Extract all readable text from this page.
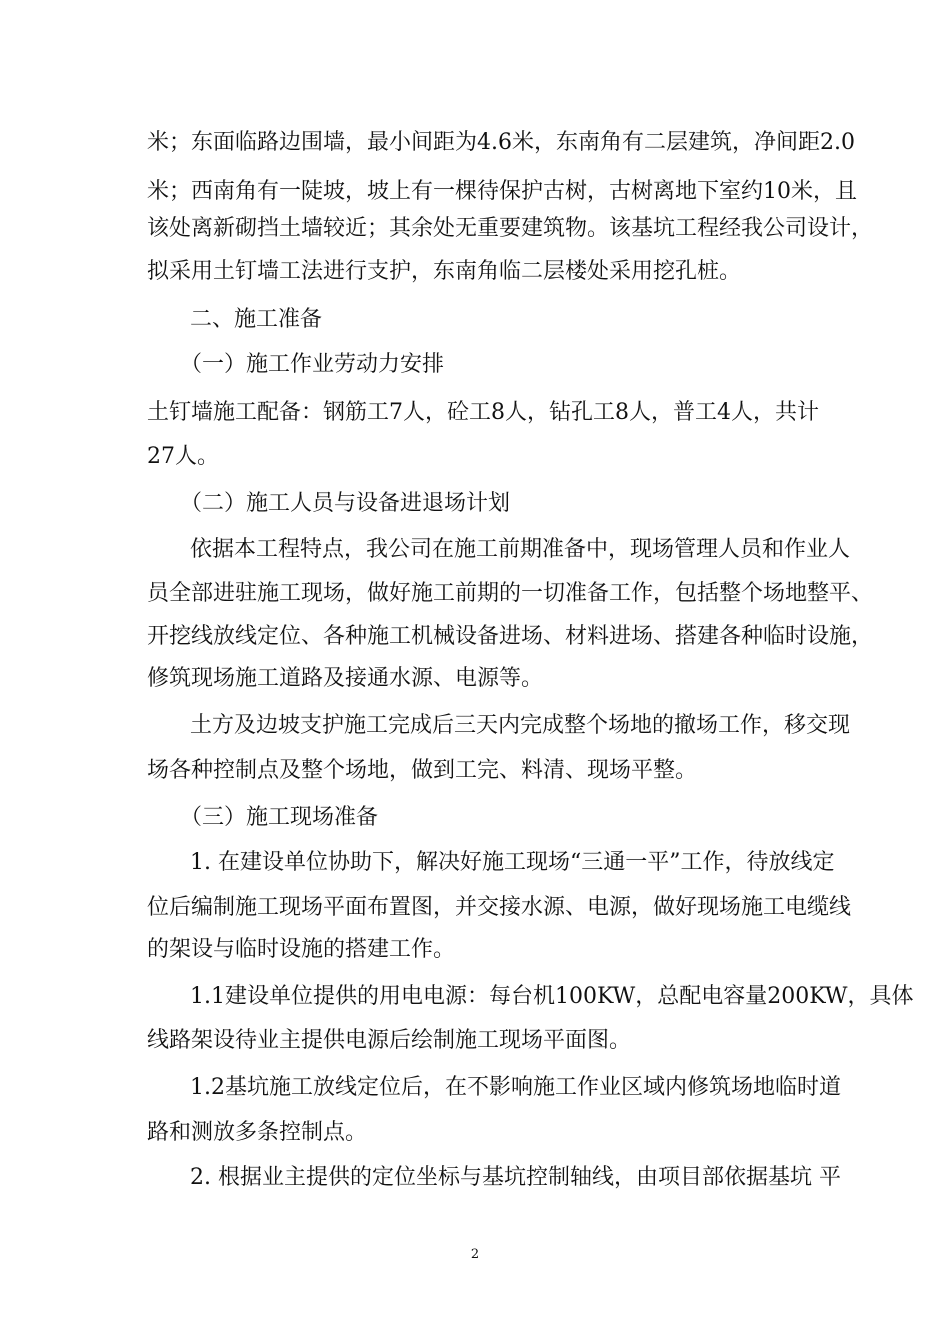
米；东面临路边围墙，最小间距为4.6米，东南角有二层建筑，净间距2.0
米；西南角有一陡坡，坡上有一棵待保护古树，古树离地下室约10米，且
该处离新砌挡土墙较近；其余处无重要建筑物。该基坑工程经我公司设计，
拟采用土钉墙工法进行支护，东南角临二层楼处采用挖孔桩。
二、施工准备
（一）施工作业劳动力安排
土钉墙施工配备：钢筋工7人，砼工8人，钻孔工8人，普工4人，共计
27人。
（二）施工人员与设备进退场计划
依据本工程特点，我公司在施工前期准备中，现场管理人员和作业人
员全部进驻施工现场，做好施工前期的一切准备工作，包括整个场地整平、
开挖线放线定位、各种施工机械设备进场、材料进场、搭建各种临时设施，
修筑现场施工道路及接通水源、电源等。
土方及边坡支护施工完成后三天内完成整个场地的撤场工作，移交现
场各种控制点及整个场地，做到工完、料清、现场平整。
（三）施工现场准备
1. 在建设单位协助下，解决好施工现场“三通一平”工作，待放线定
位后编制施工现场平面布置图，并交接水源、电源，做好现场施工电缆线
的架设与临时设施的搭建工作。
1.1建设单位提供的用电电源：每台机100KW，总配电容量200KW，具体
线路架设待业主提供电源后绘制施工现场平面图。
1.2基坑施工放线定位后，在不影响施工作业区域内修筑场地临时道
路和测放多条控制点。
2. 根据业主提供的定位坐标与基坑控制轴线，由项目部依据基坑 平
2
